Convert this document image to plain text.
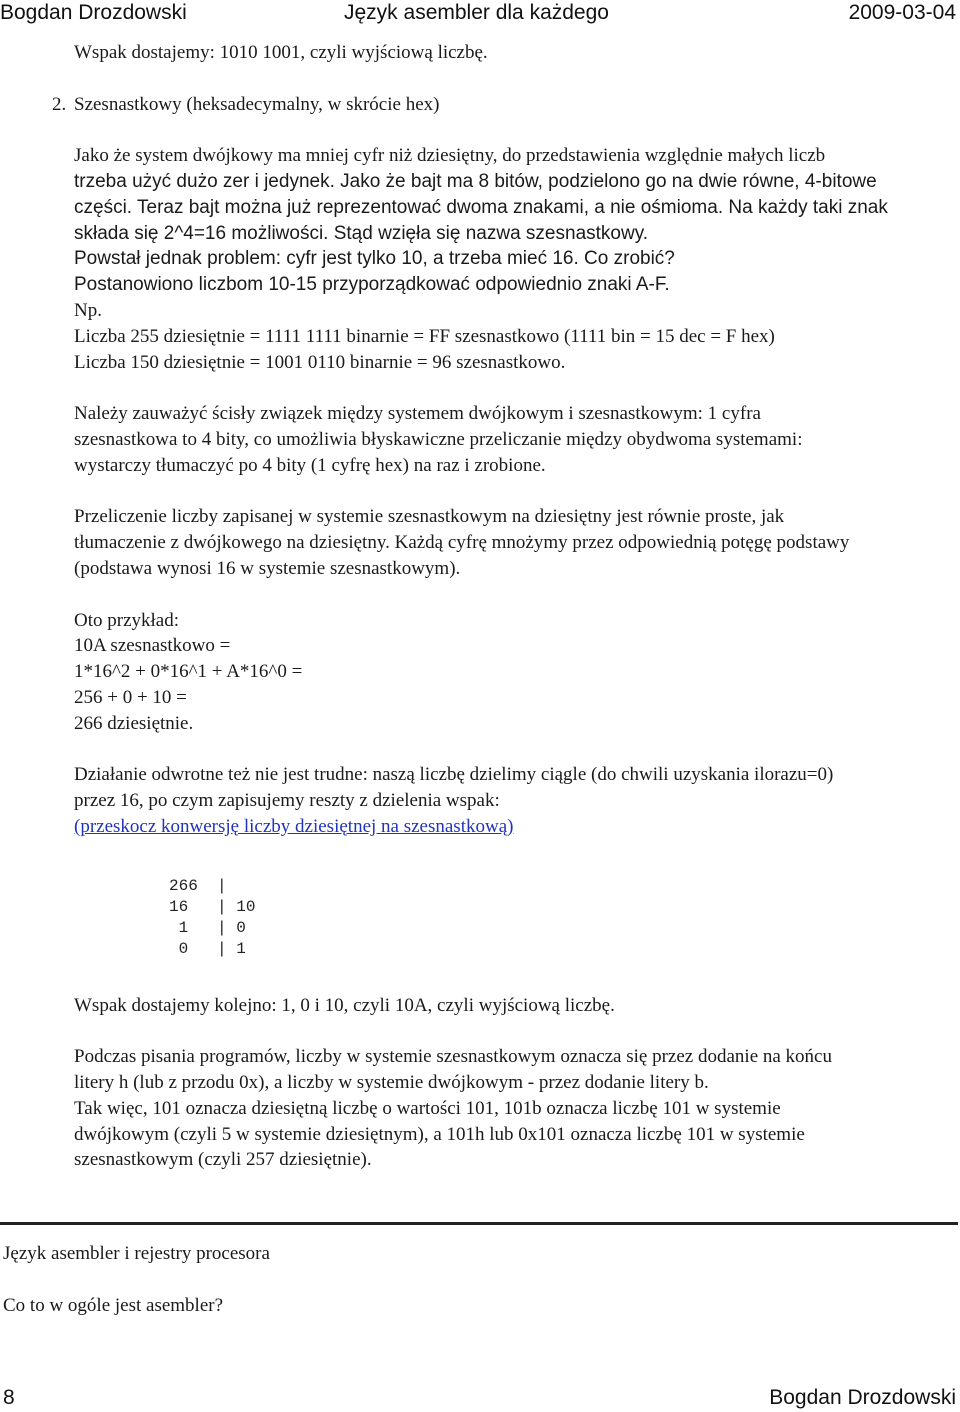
Bogdan Drozdowski	Język asembler dla każdego	2009-03-04

Wspak dostajemy: 1010 1001, czyli wyjściową liczbę.

2. Szesnastkowy (heksadecymalny, w skrócie hex)

Jako że system dwójkowy ma mniej cyfr niż dziesiętny, do przedstawienia względnie małych liczb

trzeba użyć dużo zer i jedynek. Jako że bajt ma 8 bitów, podzielono go na dwie równe, 4-bitowe

części. Teraz bajt można już reprezentować dwoma znakami, a nie ośmioma. Na każdy taki znak

składa się 2^4=16 możliwości. Stąd wzięła się nazwa szesnastkowy.

Powstał jednak problem: cyfr jest tylko 10, a trzeba mieć 16. Co zrobić?

Postanowiono liczbom 10-15 przyporządkować odpowiednio znaki A-F.

Np.

Liczba 255 dziesiętnie = 1111 1111 binarnie = FF szesnastkowo (1111 bin = 15 dec = F hex)

Liczba 150 dziesiętnie = 1001 0110 binarnie = 96 szesnastkowo.

Należy zauważyć ścisły związek między systemem dwójkowym i szesnastkowym: 1 cyfra

szesnastkowa to 4 bity, co umożliwia błyskawiczne przeliczanie między obydwoma systemami:

wystarczy tłumaczyć po 4 bity (1 cyfrę hex) na raz i zrobione.

Przeliczenie liczby zapisanej w systemie szesnastkowym na dziesiętny jest równie proste, jak

tłumaczenie z dwójkowego na dziesiętny. Każdą cyfrę mnożymy przez odpowiednią potęgę podstawy

(podstawa wynosi 16 w systemie szesnastkowym).

Oto przykład:

10A szesnastkowo =

1*16^2 + 0*16^1 + A*16^0 =

256 + 0 + 10 =

266 dziesiętnie.

Działanie odwrotne też nie jest trudne: naszą liczbę dzielimy ciągle (do chwili uzyskania ilorazu=0)

przez 16, po czym zapisujemy reszty z dzielenia wspak:

(przeskocz konwersję liczby dziesiętnej na szesnastkową)

266  |
16   | 10
1   | 0
0   | 1

Wspak dostajemy kolejno: 1, 0 i 10, czyli 10A, czyli wyjściową liczbę.

Podczas pisania programów, liczby w systemie szesnastkowym oznacza się przez dodanie na końcu

litery h (lub z przodu 0x), a liczby w systemie dwójkowym - przez dodanie litery b.

Tak więc, 101 oznacza dziesiętną liczbę o wartości 101, 101b oznacza liczbę 101 w systemie

dwójkowym (czyli 5 w systemie dziesiętnym), a 101h lub 0x101 oznacza liczbę 101 w systemie

szesnastkowym (czyli 257 dziesiętnie).

Język asembler i rejestry procesora
Co to w ogóle jest asembler?
8	Bogdan Drozdowski
